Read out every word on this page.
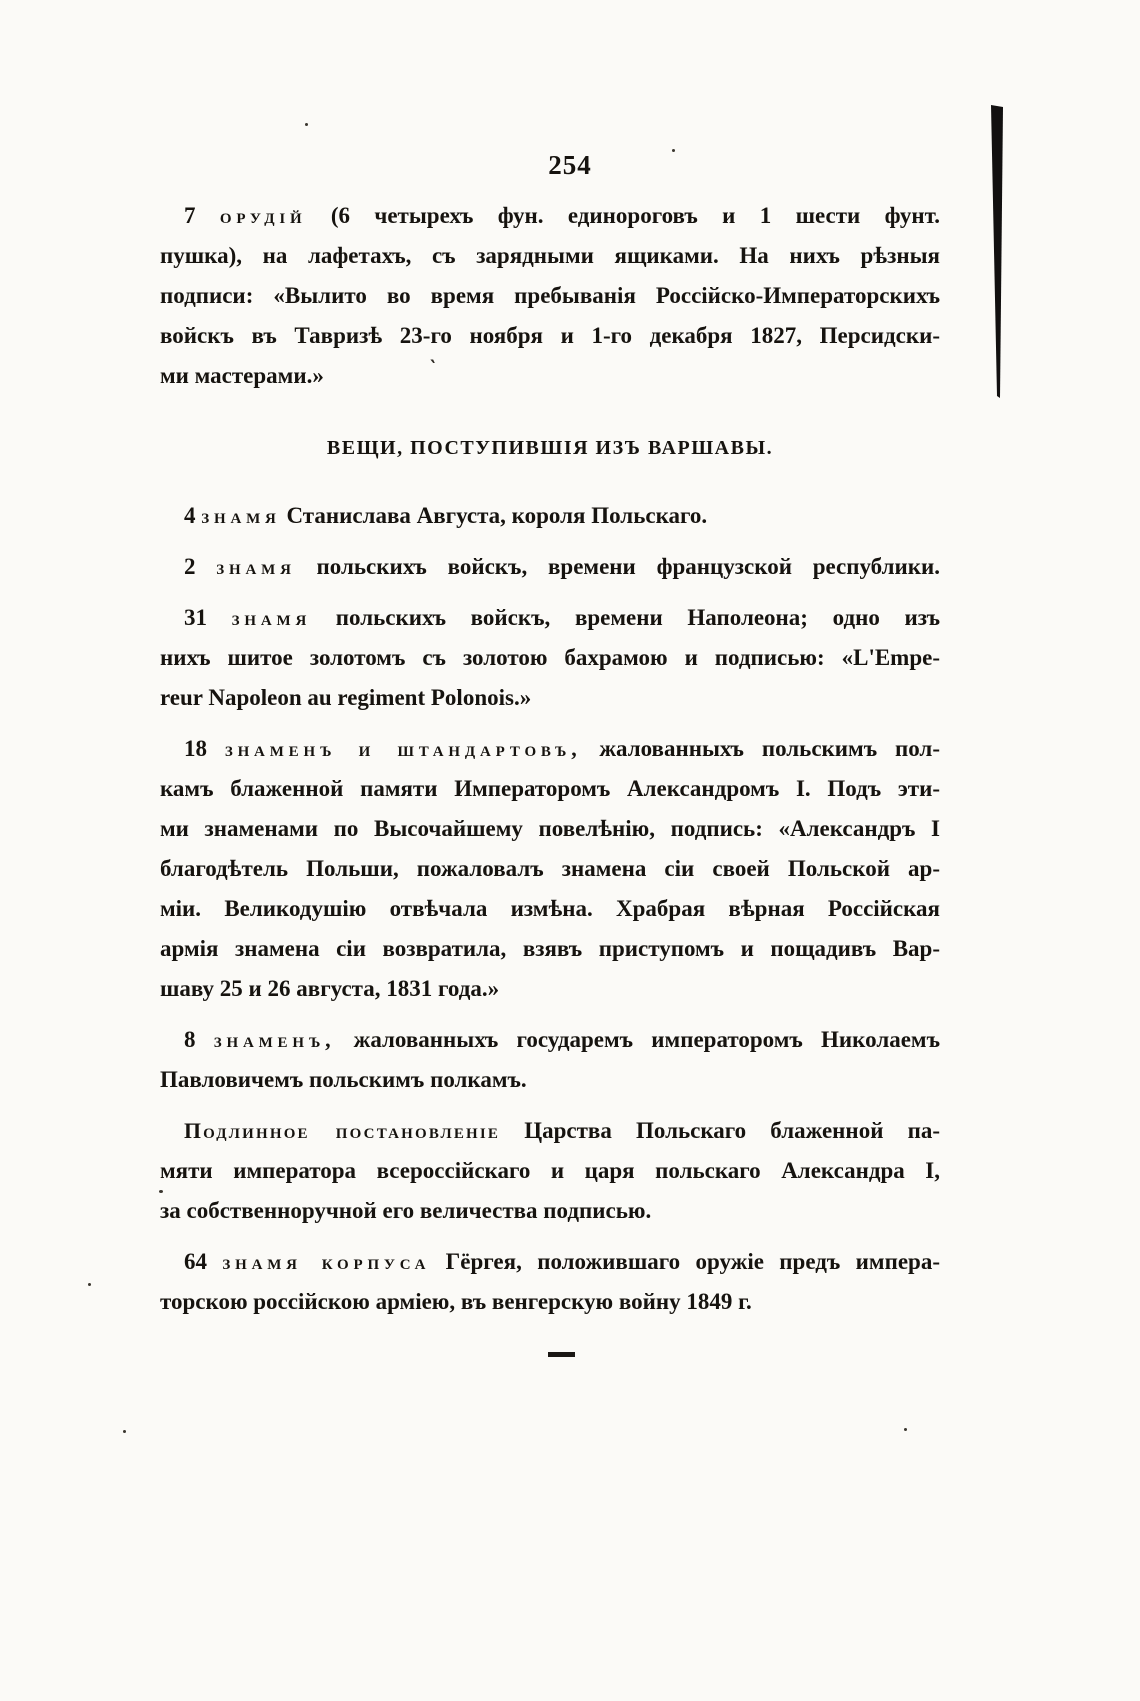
254
7 орудій (6 четырехъ фун. единороговъ и 1 шести фунт.
пушка), на лафетахъ, съ зарядными ящиками. На нихъ рѣзныя
подписи: «Вылито во время пребыванія Россійско-Императорскихъ
войскъ въ Тавризѣ 23-го ноября и 1-го декабря 1827, Персидски-
ми мастерами.»
ВЕЩИ, ПОСТУПИВШІЯ ИЗЪ ВАРШАВЫ.
4 знамя Станислава Августа, короля Польскаго.
2 знамя польскихъ войскъ, времени французской республики.
31 знамя польскихъ войскъ, времени Наполеона; одно изъ
нихъ шитое золотомъ съ золотою бахрамою и подписью: «L'Empe-
reur Napoleon au regiment Polonois.»
18 знаменъ и штандартовъ, жалованныхъ польскимъ пол-
камъ блаженной памяти Императоромъ Александромъ I. Подъ эти-
ми знаменами по Высочайшему повелѣнію, подпись: «Александръ I
благодѣтель Польши, пожаловалъ знамена сіи своей Польской ар-
міи. Великодушію отвѣчала измѣна. Храбрая вѣрная Россійская
армія знамена сіи возвратила, взявъ приступомъ и пощадивъ Вар-
шаву 25 и 26 августа, 1831 года.»
8 знаменъ, жалованныхъ государемъ императоромъ Николаемъ
Павловичемъ польскимъ полкамъ.
Подлинное постановленіе Царства Польскаго блаженной па-
мяти императора всероссійскаго и царя польскаго Александра I,
за собственноручной его величества подписью.
64 знамя корпуса Гёргея, положившаго оружіе предъ импера-
торскою россійскою арміею, въ венгерскую войну 1849 г.
‵
